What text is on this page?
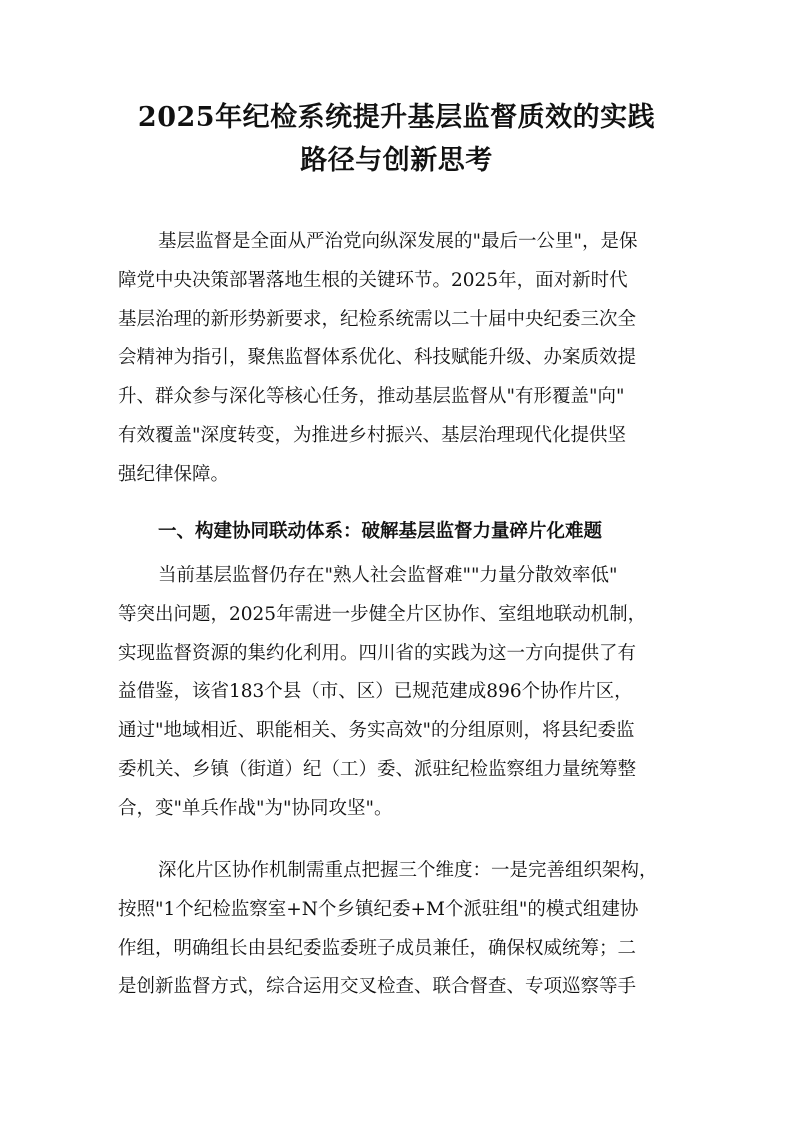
2025年纪检系统提升基层监督质效的实践
路径与创新思考
基层监督是全面从严治党向纵深发展的"最后一公里"，是保
障党中央决策部署落地生根的关键环节。2025年，面对新时代
基层治理的新形势新要求，纪检系统需以二十届中央纪委三次全
会精神为指引，聚焦监督体系优化、科技赋能升级、办案质效提
升、群众参与深化等核心任务，推动基层监督从"有形覆盖"向"
有效覆盖"深度转变，为推进乡村振兴、基层治理现代化提供坚
强纪律保障。
一、构建协同联动体系：破解基层监督力量碎片化难题
当前基层监督仍存在"熟人社会监督难""力量分散效率低"
等突出问题，2025年需进一步健全片区协作、室组地联动机制，
实现监督资源的集约化利用。四川省的实践为这一方向提供了有
益借鉴，该省183个县（市、区）已规范建成896个协作片区，
通过"地域相近、职能相关、务实高效"的分组原则，将县纪委监
委机关、乡镇（街道）纪（工）委、派驻纪检监察组力量统筹整
合，变"单兵作战"为"协同攻坚"。
深化片区协作机制需重点把握三个维度：一是完善组织架构，
按照"1个纪检监察室+N个乡镇纪委+M个派驻组"的模式组建协
作组，明确组长由县纪委监委班子成员兼任，确保权威统筹；二
是创新监督方式，综合运用交叉检查、联合督查、专项巡察等手
